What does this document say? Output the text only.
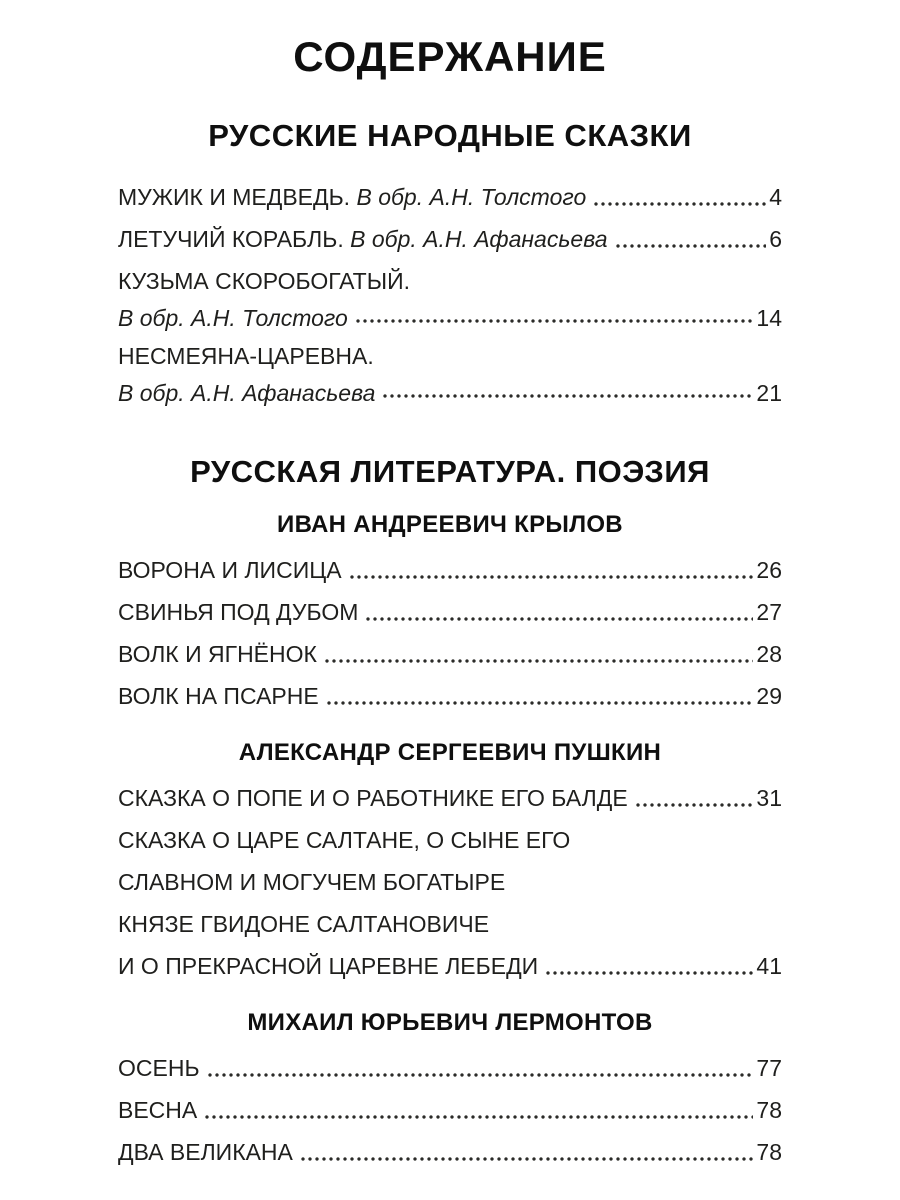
СОДЕРЖАНИЕ
РУССКИЕ НАРОДНЫЕ СКАЗКИ
МУЖИК И МЕДВЕДЬ. В обр. А.Н. Толстого	4
ЛЕТУЧИЙ КОРАБЛЬ. В обр. А.Н. Афанасьева	6
КУЗЬМА СКОРОБОГАТЫЙ.
В обр. А.Н. Толстого	14
НЕСМЕЯНА-ЦАРЕВНА.
В обр. А.Н. Афанасьева	21
РУССКАЯ ЛИТЕРАТУРА. ПОЭЗИЯ
ИВАН АНДРЕЕВИЧ КРЫЛОВ
ВОРОНА И ЛИСИЦА	26
СВИНЬЯ ПОД ДУБОМ	27
ВОЛК И ЯГНЁНОК	28
ВОЛК НА ПСАРНЕ	29
АЛЕКСАНДР СЕРГЕЕВИЧ ПУШКИН
СКАЗКА О ПОПЕ И О РАБОТНИКЕ ЕГО БАЛДЕ	31
СКАЗКА О ЦАРЕ САЛТАНЕ, О СЫНЕ ЕГО
СЛАВНОМ И МОГУЧЕМ БОГАТЫРЕ
КНЯЗЕ ГВИДОНЕ САЛТАНОВИЧЕ
И О ПРЕКРАСНОЙ ЦАРЕВНЕ ЛЕБЕДИ	41
МИХАИЛ ЮРЬЕВИЧ ЛЕРМОНТОВ
ОСЕНЬ	77
ВЕСНА	78
ДВА ВЕЛИКАНА	78
